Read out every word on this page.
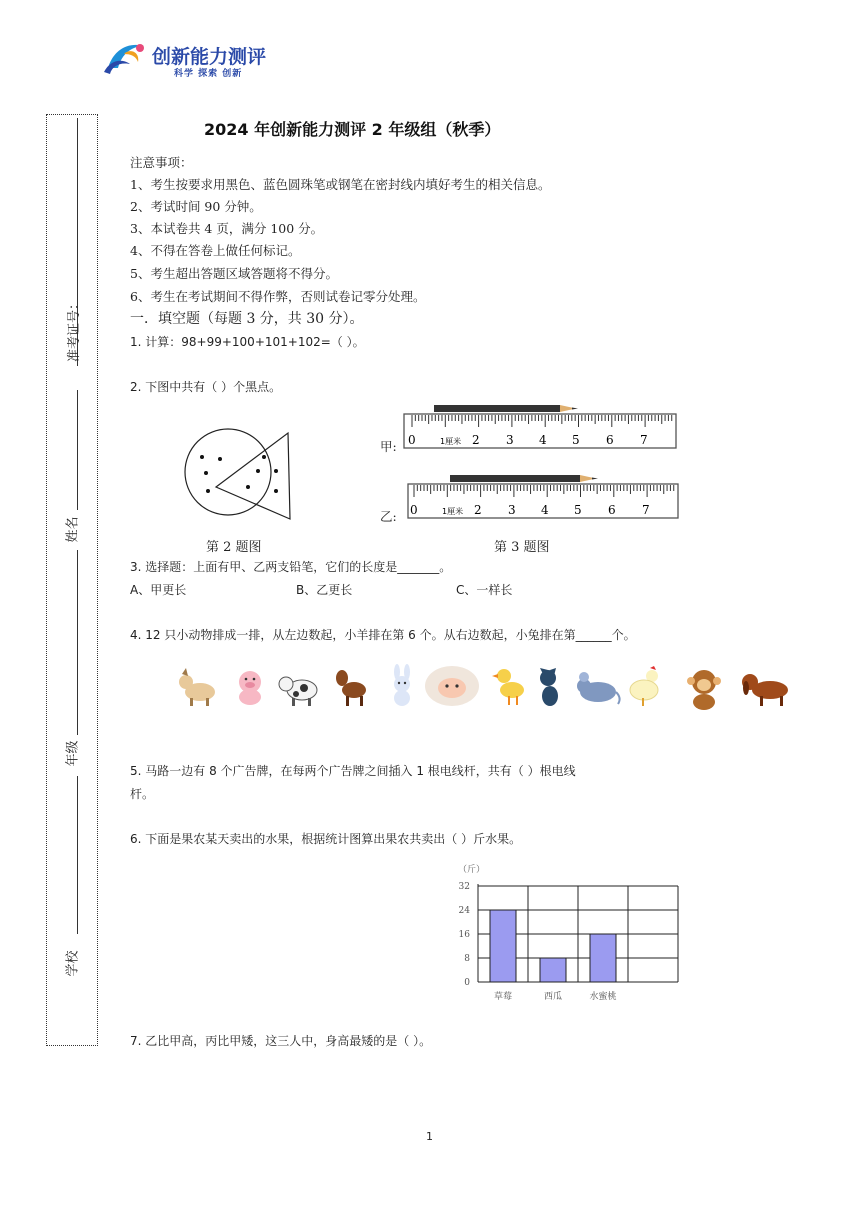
创新能力测评
科学 探索 创新
准考证号：
姓名
年级
学校
2024 年创新能力测评 2 年级组（秋季）
注意事项：
1、考生按要求用黑色、蓝色圆珠笔或钢笔在密封线内填好考生的相关信息。
2、考试时间 90 分钟。
3、本试卷共 4 页，满分 100 分。
4、不得在答卷上做任何标记。
5、考生超出答题区域答题将不得分。
6、考生在考试期间不得作弊，否则试卷记零分处理。
一．填空题（每题 3 分，共 30 分）。
1. 计算：98+99+100+101+102=（ ）。
2. 下图中共有（ ）个黑点。
第 2 题图
甲:
乙:
0	1厘米 2 3 4 5 6 7
0	1厘米 2 3 4 5 6 7
第 3 题图
3. 选择题：上面有甲、乙两支铅笔，它们的长度是_______。
A、甲更长	B、乙更长	C、一样长
4. 12 只小动物排成一排，从左边数起，小羊排在第 6 个。从右边数起，小兔排在第______个。
5. 马路一边有 8 个广告牌，在每两个广告牌之间插入 1 根电线杆，共有（ ）根电线
杆。
6. 下面是果农某天卖出的水果，根据统计图算出果农共卖出（ ）斤水果。
（斤）
32
24
16
8
0
草莓	西瓜	水蜜桃
7. 乙比甲高，丙比甲矮，这三人中，身高最矮的是（ ）。
1
